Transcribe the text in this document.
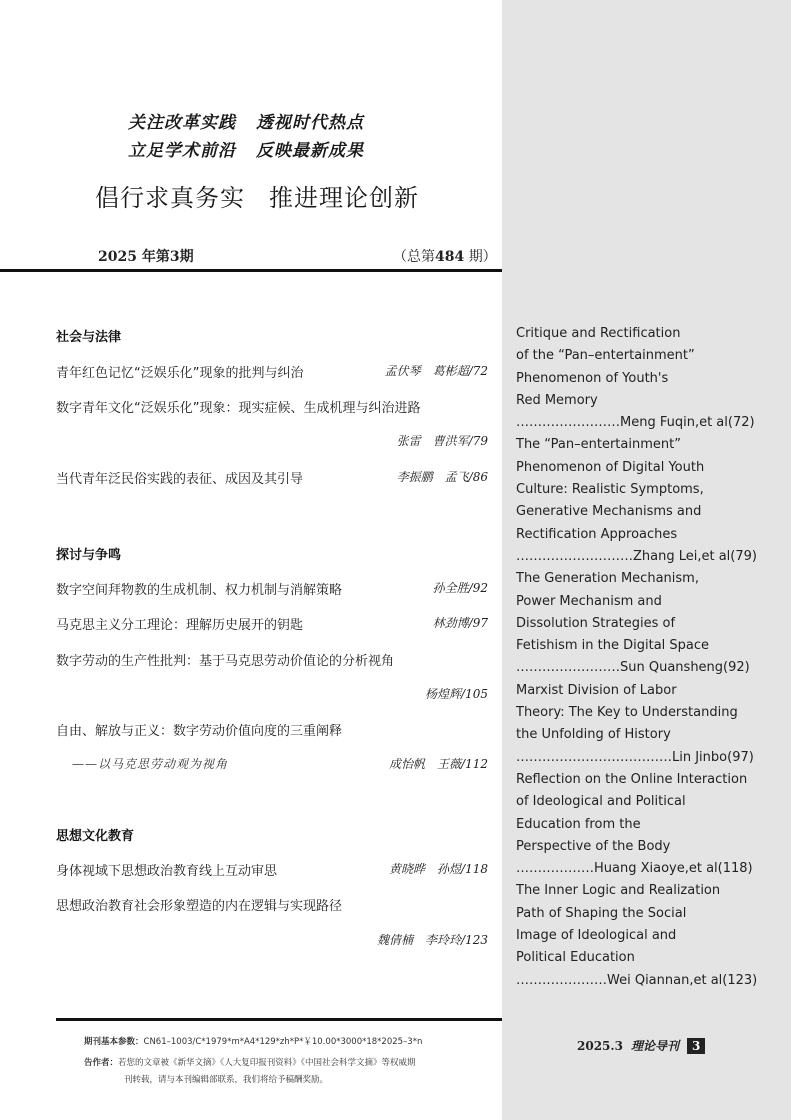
关注改革实践 透视时代热点
立足学术前沿 反映最新成果
倡行求真务实 推进理论创新
2025 年第3期	（总第484 期）
社会与法律
青年红色记忆“泛娱乐化”现象的批判与纠治	孟伏琴　葛彬超/72
数字青年文化“泛娱乐化”现象：现实症候、生成机理与纠治进路
张雷　曹洪军/79
当代青年泛民俗实践的表征、成因及其引导	李振鹏　孟飞/86
探讨与争鸣
数字空间拜物教的生成机制、权力机制与消解策略	孙全胜/92
马克思主义分工理论：理解历史展开的钥匙	林劲博/97
数字劳动的生产性批判：基于马克思劳动价值论的分析视角
杨煌辉/105
自由、解放与正义：数字劳动价值向度的三重阐释
——以马克思劳动观为视角	成怡帆　王薇/112
思想文化教育
身体视域下思想政治教育线上互动审思	黄晓晔　孙煜/118
思想政治教育社会形象塑造的内在逻辑与实现路径
魏倩楠　李玲玲/123
Critique and Rectification
of the “Pan–entertainment”
Phenomenon of Youth's
Red Memory
……………………Meng Fuqin,et al(72)
The “Pan–entertainment”
Phenomenon of Digital Youth
Culture: Realistic Symptoms,
Generative Mechanisms and
Rectification Approaches
………………………Zhang Lei,et al(79)
The Generation Mechanism,
Power Mechanism and
Dissolution Strategies of
Fetishism in the Digital Space
……………………Sun Quansheng(92)
Marxist Division of Labor
Theory: The Key to Understanding
the Unfolding of History
………………………………Lin Jinbo(97)
Reflection on the Online Interaction
of Ideological and Political
Education from the
Perspective of the Body
………………Huang Xiaoye,et al(118)
The Inner Logic and Realization
Path of Shaping the Social
Image of Ideological and
Political Education
…………………Wei Qiannan,et al(123)
期刊基本参数：CN61–1003/C*1979*m*A4*129*zh*P*￥10.00*3000*18*2025–3*n
告作者：若您的文章被《新华文摘》《人大复印报刊资料》《中国社会科学文摘》等权威期
刊转载，请与本刊编辑部联系，我们将给予稿酬奖励。
2025.3 理论导刊 3
